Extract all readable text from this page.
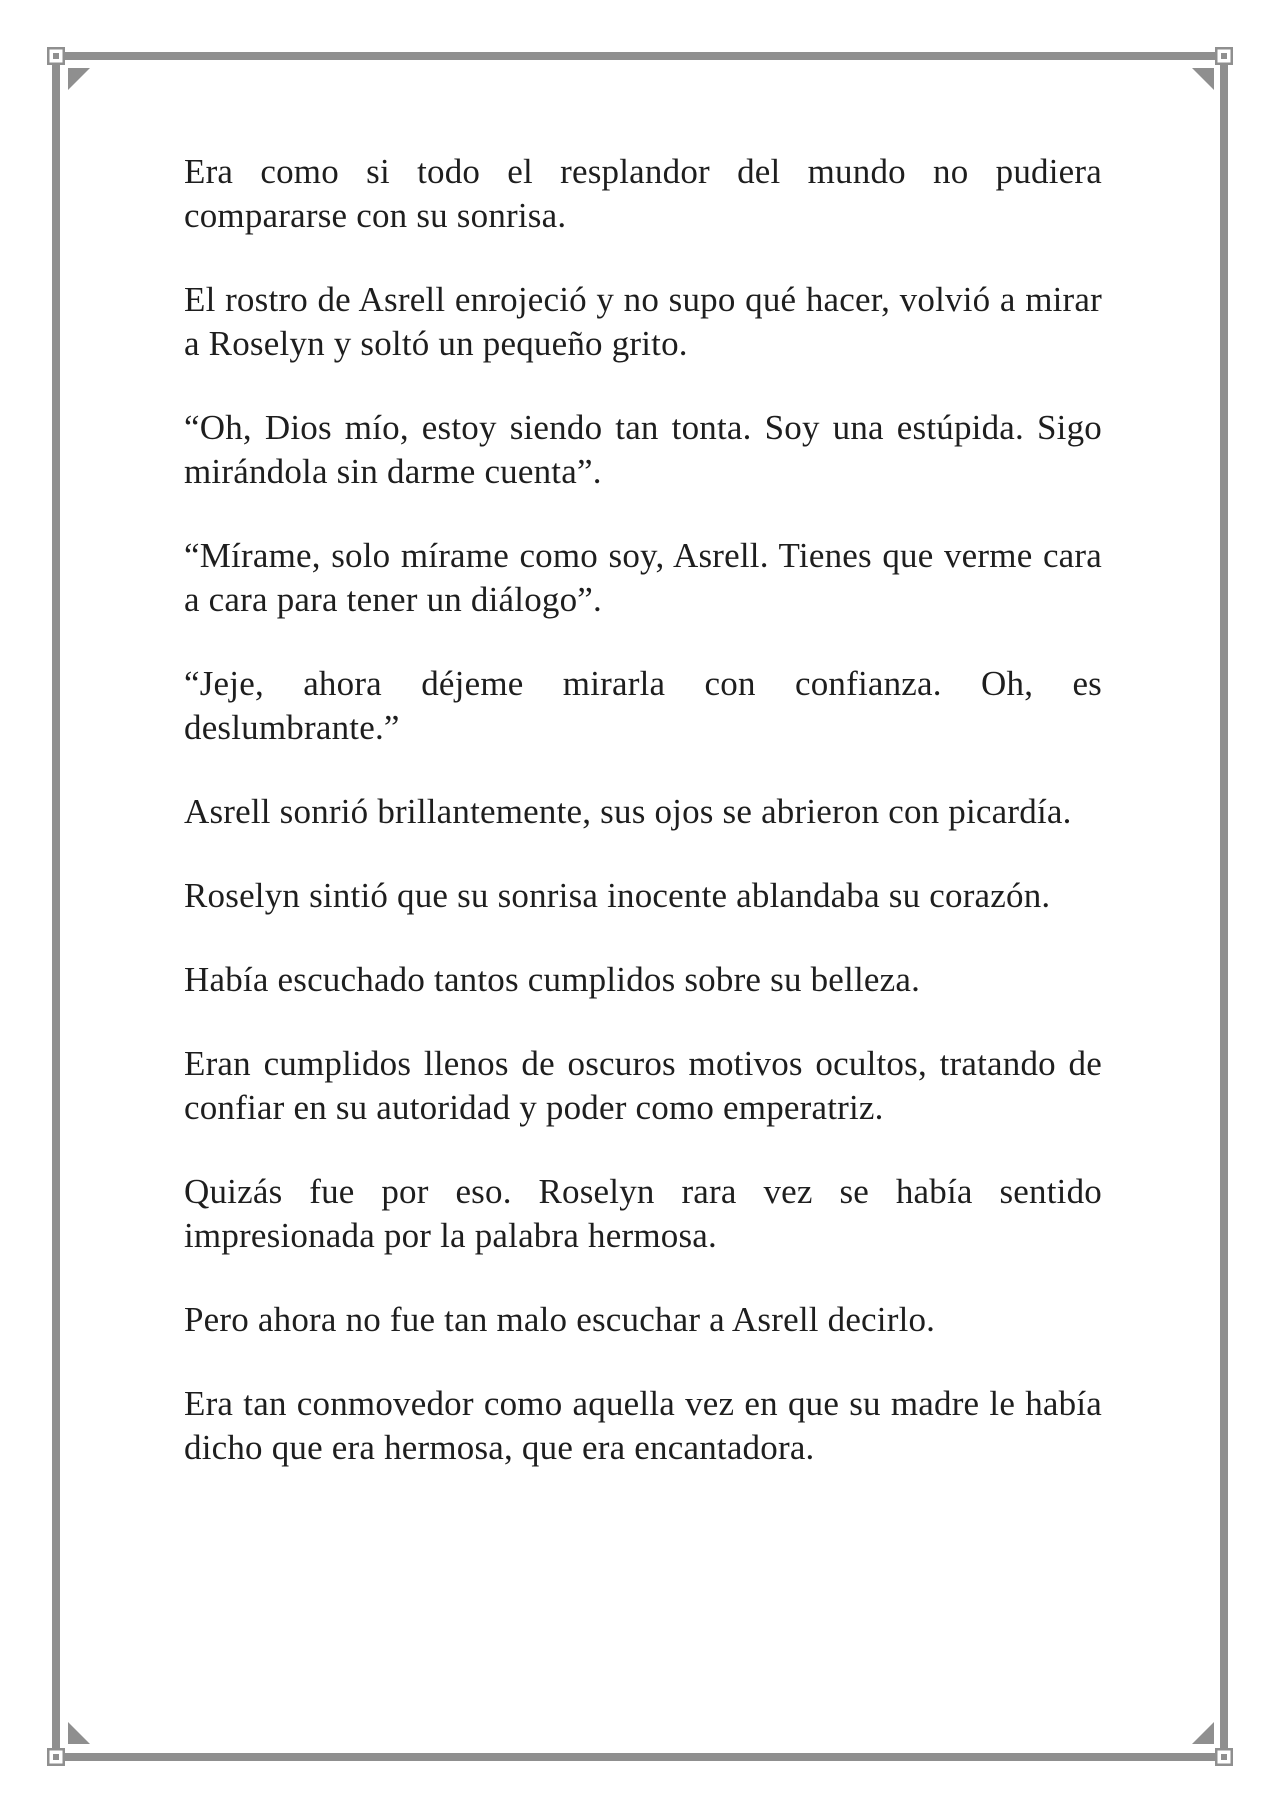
Era como si todo el resplandor del mundo no pudiera compararse con su sonrisa.

El rostro de Asrell enrojeció y no supo qué hacer, volvió a mirar a Roselyn y soltó un pequeño grito.

“Oh, Dios mío, estoy siendo tan tonta. Soy una estúpida. Sigo mirándola sin darme cuenta”.

“Mírame, solo mírame como soy, Asrell. Tienes que verme cara a cara para tener un diálogo”.

“Jeje, ahora déjeme mirarla con confianza. Oh, es deslumbrante.”

Asrell sonrió brillantemente, sus ojos se abrieron con picardía.

Roselyn sintió que su sonrisa inocente ablandaba su corazón.

Había escuchado tantos cumplidos sobre su belleza.

Eran cumplidos llenos de oscuros motivos ocultos, tratando de confiar en su autoridad y poder como emperatriz.

Quizás fue por eso. Roselyn rara vez se había sentido impresionada por la palabra hermosa.

Pero ahora no fue tan malo escuchar a Asrell decirlo.

Era tan conmovedor como aquella vez en que su madre le había dicho que era hermosa, que era encantadora.
